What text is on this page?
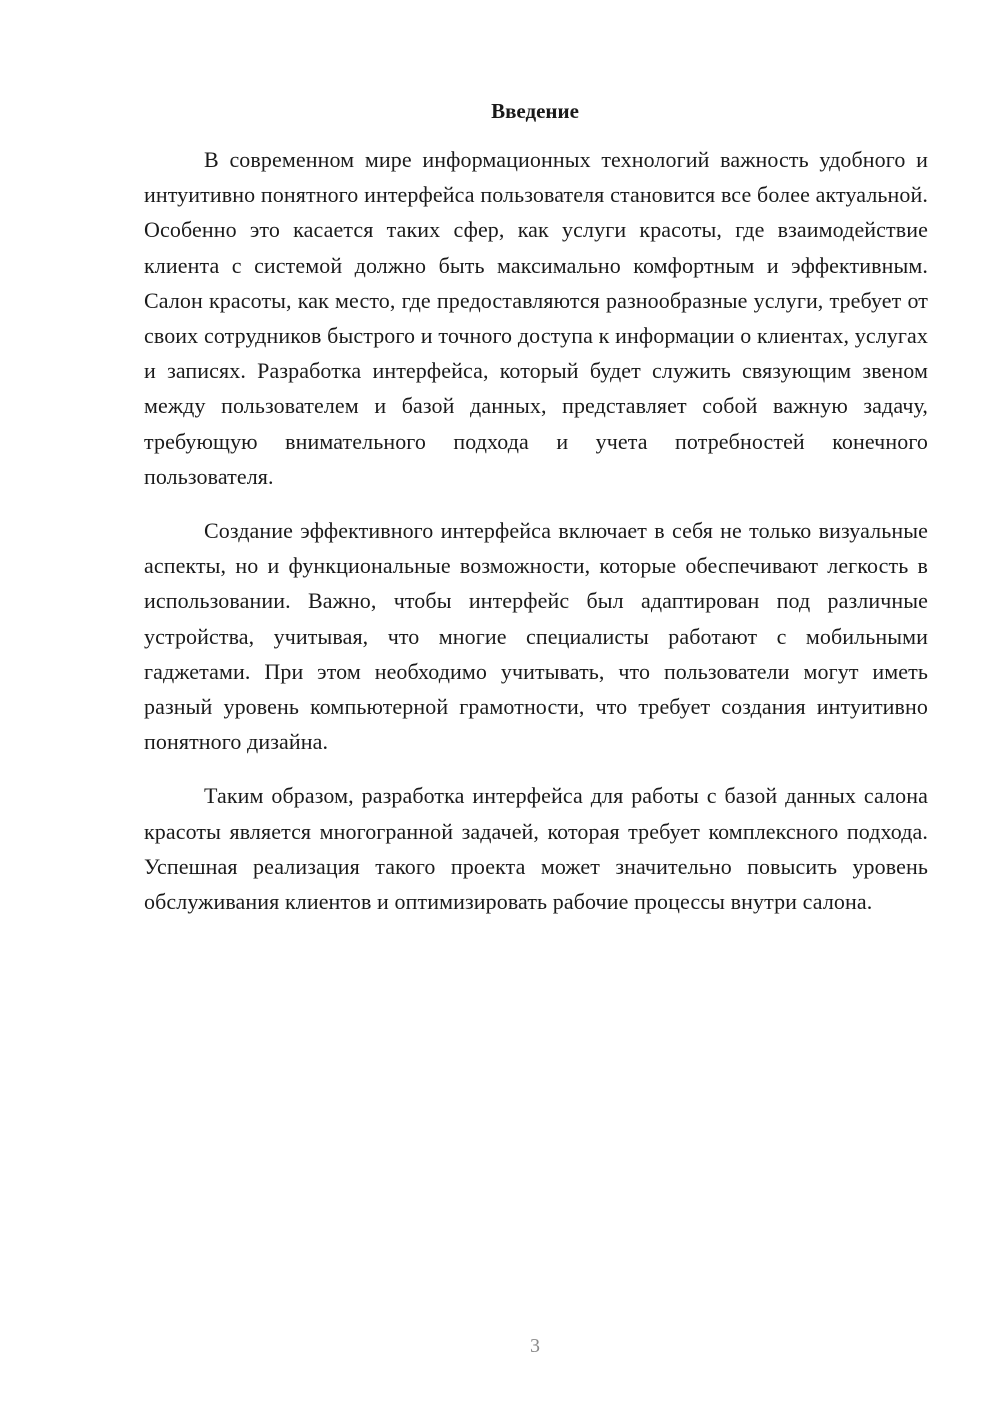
Введение

В современном мире информационных технологий важность удобного и интуитивно понятного интерфейса пользователя становится все более актуальной. Особенно это касается таких сфер, как услуги красоты, где взаимодействие клиента с системой должно быть максимально комфортным и эффективным. Салон красоты, как место, где предоставляются разнообразные услуги, требует от своих сотрудников быстрого и точного доступа к информации о клиентах, услугах и записях. Разработка интерфейса, который будет служить связующим звеном между пользователем и базой данных, представляет собой важную задачу, требующую внимательного подхода и учета потребностей конечного пользователя.

Создание эффективного интерфейса включает в себя не только визуальные аспекты, но и функциональные возможности, которые обеспечивают легкость в использовании. Важно, чтобы интерфейс был адаптирован под различные устройства, учитывая, что многие специалисты работают с мобильными гаджетами. При этом необходимо учитывать, что пользователи могут иметь разный уровень компьютерной грамотности, что требует создания интуитивно понятного дизайна.

Таким образом, разработка интерфейса для работы с базой данных салона красоты является многогранной задачей, которая требует комплексного подхода. Успешная реализация такого проекта может значительно повысить уровень обслуживания клиентов и оптимизировать рабочие процессы внутри салона.

3
